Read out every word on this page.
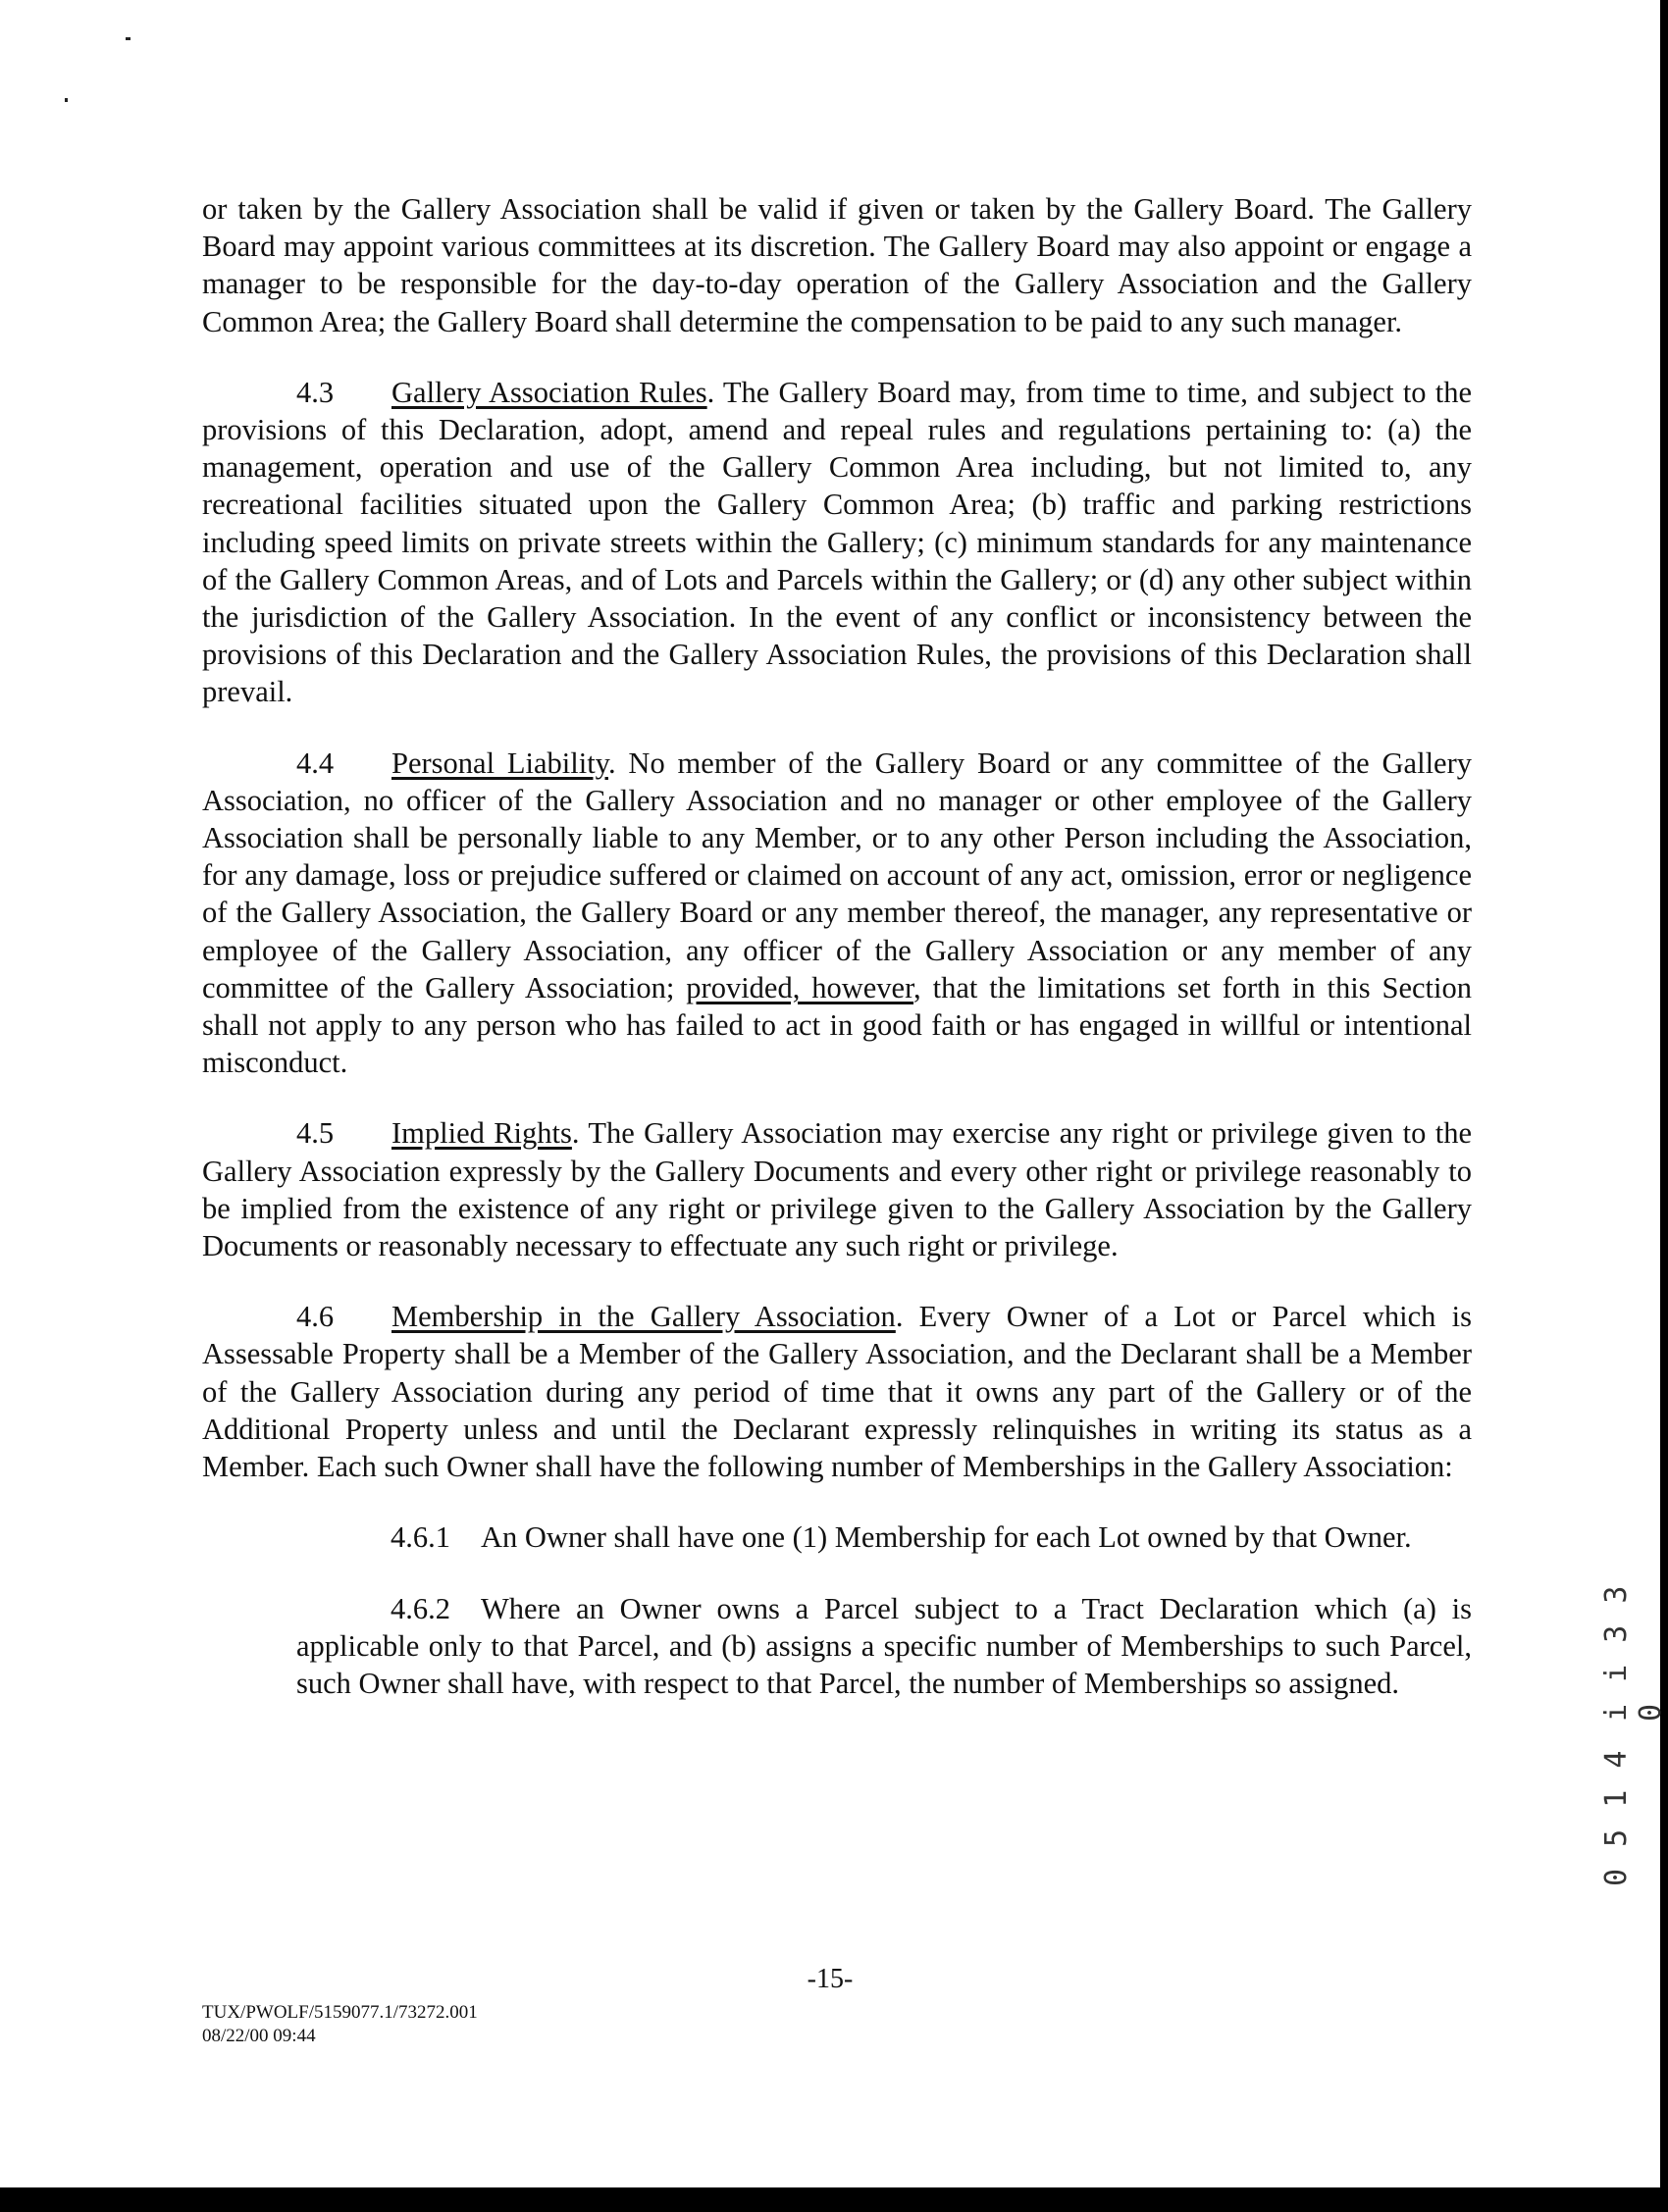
or taken by the Gallery Association shall be valid if given or taken by the Gallery Board. The Gallery Board may appoint various committees at its discretion. The Gallery Board may also appoint or engage a manager to be responsible for the day-to-day operation of the Gallery Association and the Gallery Common Area; the Gallery Board shall determine the compensation to be paid to any such manager.

4.3 Gallery Association Rules. The Gallery Board may, from time to time, and subject to the provisions of this Declaration, adopt, amend and repeal rules and regulations pertaining to: (a) the management, operation and use of the Gallery Common Area including, but not limited to, any recreational facilities situated upon the Gallery Common Area; (b) traffic and parking restrictions including speed limits on private streets within the Gallery; (c) minimum standards for any maintenance of the Gallery Common Areas, and of Lots and Parcels within the Gallery; or (d) any other subject within the jurisdiction of the Gallery Association. In the event of any conflict or inconsistency between the provisions of this Declaration and the Gallery Association Rules, the provisions of this Declaration shall prevail.

4.4 Personal Liability. No member of the Gallery Board or any committee of the Gallery Association, no officer of the Gallery Association and no manager or other employee of the Gallery Association shall be personally liable to any Member, or to any other Person including the Association, for any damage, loss or prejudice suffered or claimed on account of any act, omission, error or negligence of the Gallery Association, the Gallery Board or any member thereof, the manager, any representative or employee of the Gallery Association, any officer of the Gallery Association or any member of any committee of the Gallery Association; provided, however, that the limitations set forth in this Section shall not apply to any person who has failed to act in good faith or has engaged in willful or intentional misconduct.

4.5 Implied Rights. The Gallery Association may exercise any right or privilege given to the Gallery Association expressly by the Gallery Documents and every other right or privilege reasonably to be implied from the existence of any right or privilege given to the Gallery Association by the Gallery Documents or reasonably necessary to effectuate any such right or privilege.

4.6 Membership in the Gallery Association. Every Owner of a Lot or Parcel which is Assessable Property shall be a Member of the Gallery Association, and the Declarant shall be a Member of the Gallery Association during any period of time that it owns any part of the Gallery or of the Additional Property unless and until the Declarant expressly relinquishes in writing its status as a Member. Each such Owner shall have the following number of Memberships in the Gallery Association:

4.6.1 An Owner shall have one (1) Membership for each Lot owned by that Owner.

4.6.2 Where an Owner owns a Parcel subject to a Tract Declaration which (a) is applicable only to that Parcel, and (b) assigns a specific number of Memberships to such Parcel, such Owner shall have, with respect to that Parcel, the number of Memberships so assigned.	i i 3 3 0
0 5 1 4
-15-
TUX/PWOLF/5159077.1/73272.001
08/22/00 09:44
